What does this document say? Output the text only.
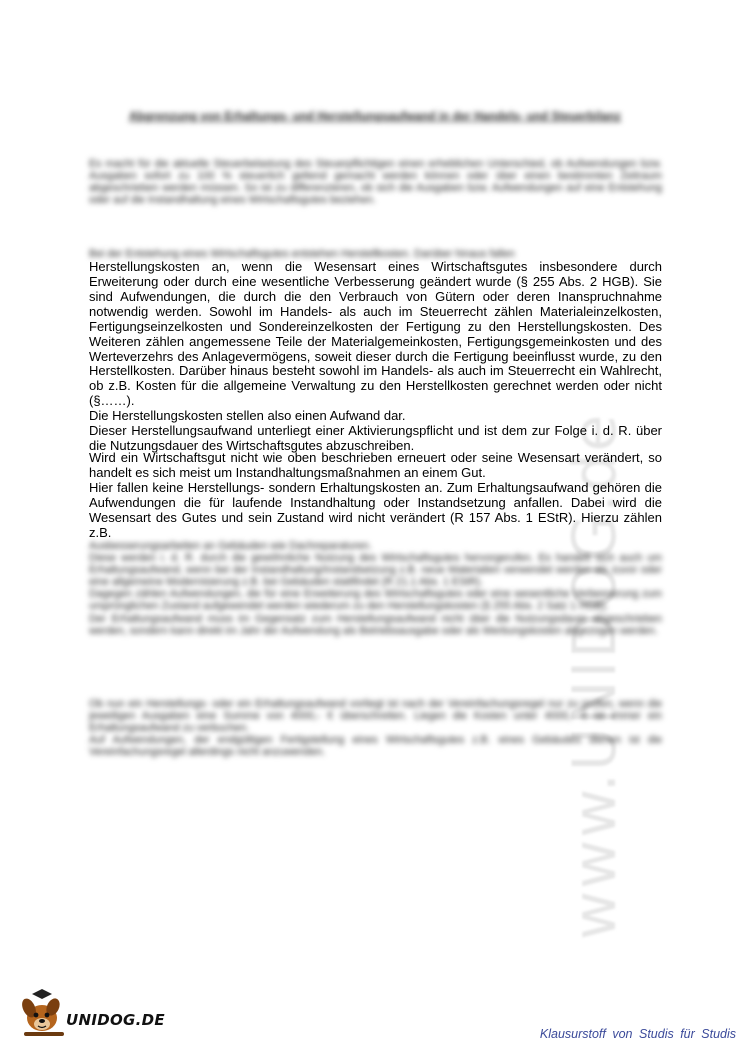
www.UNIDOG.de
Abgrenzung von Erhaltungs- und Herstellungsaufwand in der Handels- und Steuerbilanz

Es macht für die aktuelle Steuerbelastung des Steuerpflichtigen einen erheblichen Unterschied, ob Aufwendungen bzw. Ausgaben sofort zu 100 % steuerlich geltend gemacht werden können oder über einen bestimmten Zeitraum abgeschrieben werden müssen. So ist zu differenzieren, ob sich die Ausgaben bzw. Aufwendungen auf eine Entstehung oder auf die Instandhaltung eines Wirtschaftsgutes beziehen.

Bei der Entstehung eines Wirtschaftsgutes entstehen Herstellkosten. Darüber hinaus fallen

Herstellungskosten an, wenn die Wesensart eines Wirtschaftsgutes insbesondere durch Erweiterung oder durch eine wesentliche Verbesserung geändert wurde (§ 255 Abs. 2 HGB). Sie sind Aufwendungen, die durch die den Verbrauch von Gütern oder deren Inanspruchnahme notwendig werden. Sowohl im Handels- als auch im Steuerrecht zählen Materialeinzelkosten, Fertigungseinzelkosten und Sondereinzelkosten der Fertigung zu den Herstellungskosten. Des Weiteren zählen angemessene Teile der Materialgemeinkosten, Fertigungsgemeinkosten und des Werteverzehrs des Anlagevermögens, soweit dieser durch die Fertigung beeinflusst wurde, zu den Herstellkosten. Darüber hinaus besteht sowohl im Handels- als auch im Steuerrecht ein Wahlrecht, ob z.B. Kosten für die allgemeine Verwaltung zu den Herstellkosten gerechnet werden oder nicht (§……).

Die Herstellungskosten stellen also einen Aufwand dar.

Dieser Herstellungsaufwand unterliegt einer Aktivierungspflicht und ist dem zur Folge i. d. R. über die Nutzungsdauer des Wirtschaftsgutes abzuschreiben.

Wird ein Wirtschaftsgut nicht wie oben beschrieben erneuert oder seine Wesensart verändert, so handelt es sich meist um Instandhaltungsmaßnahmen an einem Gut.

Hier fallen keine Herstellungs- sondern Erhaltungskosten an. Zum Erhaltungsaufwand gehören die Aufwendungen die für laufende Instandhaltung oder Instandsetzung anfallen. Dabei wird die Wesensart des Gutes und sein Zustand wird nicht verändert (R 157 Abs. 1 EStR). Hierzu zählen z.B.

Ausbesserungsarbeiten an Gebäuden wie Dachreparaturen.

Diese werden i. d. R. durch die gewöhnliche Nutzung des Wirtschaftsgutes hervorgerufen. Es handelt sich auch um Erhaltungsaufwand, wenn bei der Instandhaltung/Instandsetzung z.B. neue Materialien verwendet werden als zuvor oder eine allgemeine Modernisierung z.B. bei Gebäuden stattfindet (R 21.1 Abs. 1 EStR).

Dagegen zählen Aufwendungen, die für eine Erweiterung des Wirtschaftsgutes oder eine wesentliche Verbesserung zum ursprünglichen Zustand aufgewendet werden wiederum zu den Herstellungskosten (§ 255 Abs. 2 Satz 1 HGB).

Der Erhaltungsaufwand muss im Gegensatz zum Herstellungsaufwand nicht über die Nutzungsdauer abgeschrieben werden, sondern kann direkt im Jahr der Aufwendung als Betriebsausgabe oder als Werbungskosten abgezogen werden.

Ob nun ein Herstellungs- oder ein Erhaltungsaufwand vorliegt ist nach der Vereinfachungsregel nur zu prüfen, wenn die jeweiligen Ausgaben eine Summe von 4000,- € überschreiten. Liegen die Kosten unter 4000,- € ist immer ein Erhaltungsaufwand zu verbuchen.

Auf Aufwendungen, der endgültigen Fertigstellung eines Wirtschaftsgutes z.B. eines Gebäudes dienen ist die Vereinfachungsregel allerdings nicht anzuwenden.

UNIDOG.DE
Klausurstoff von Studis für Studis
